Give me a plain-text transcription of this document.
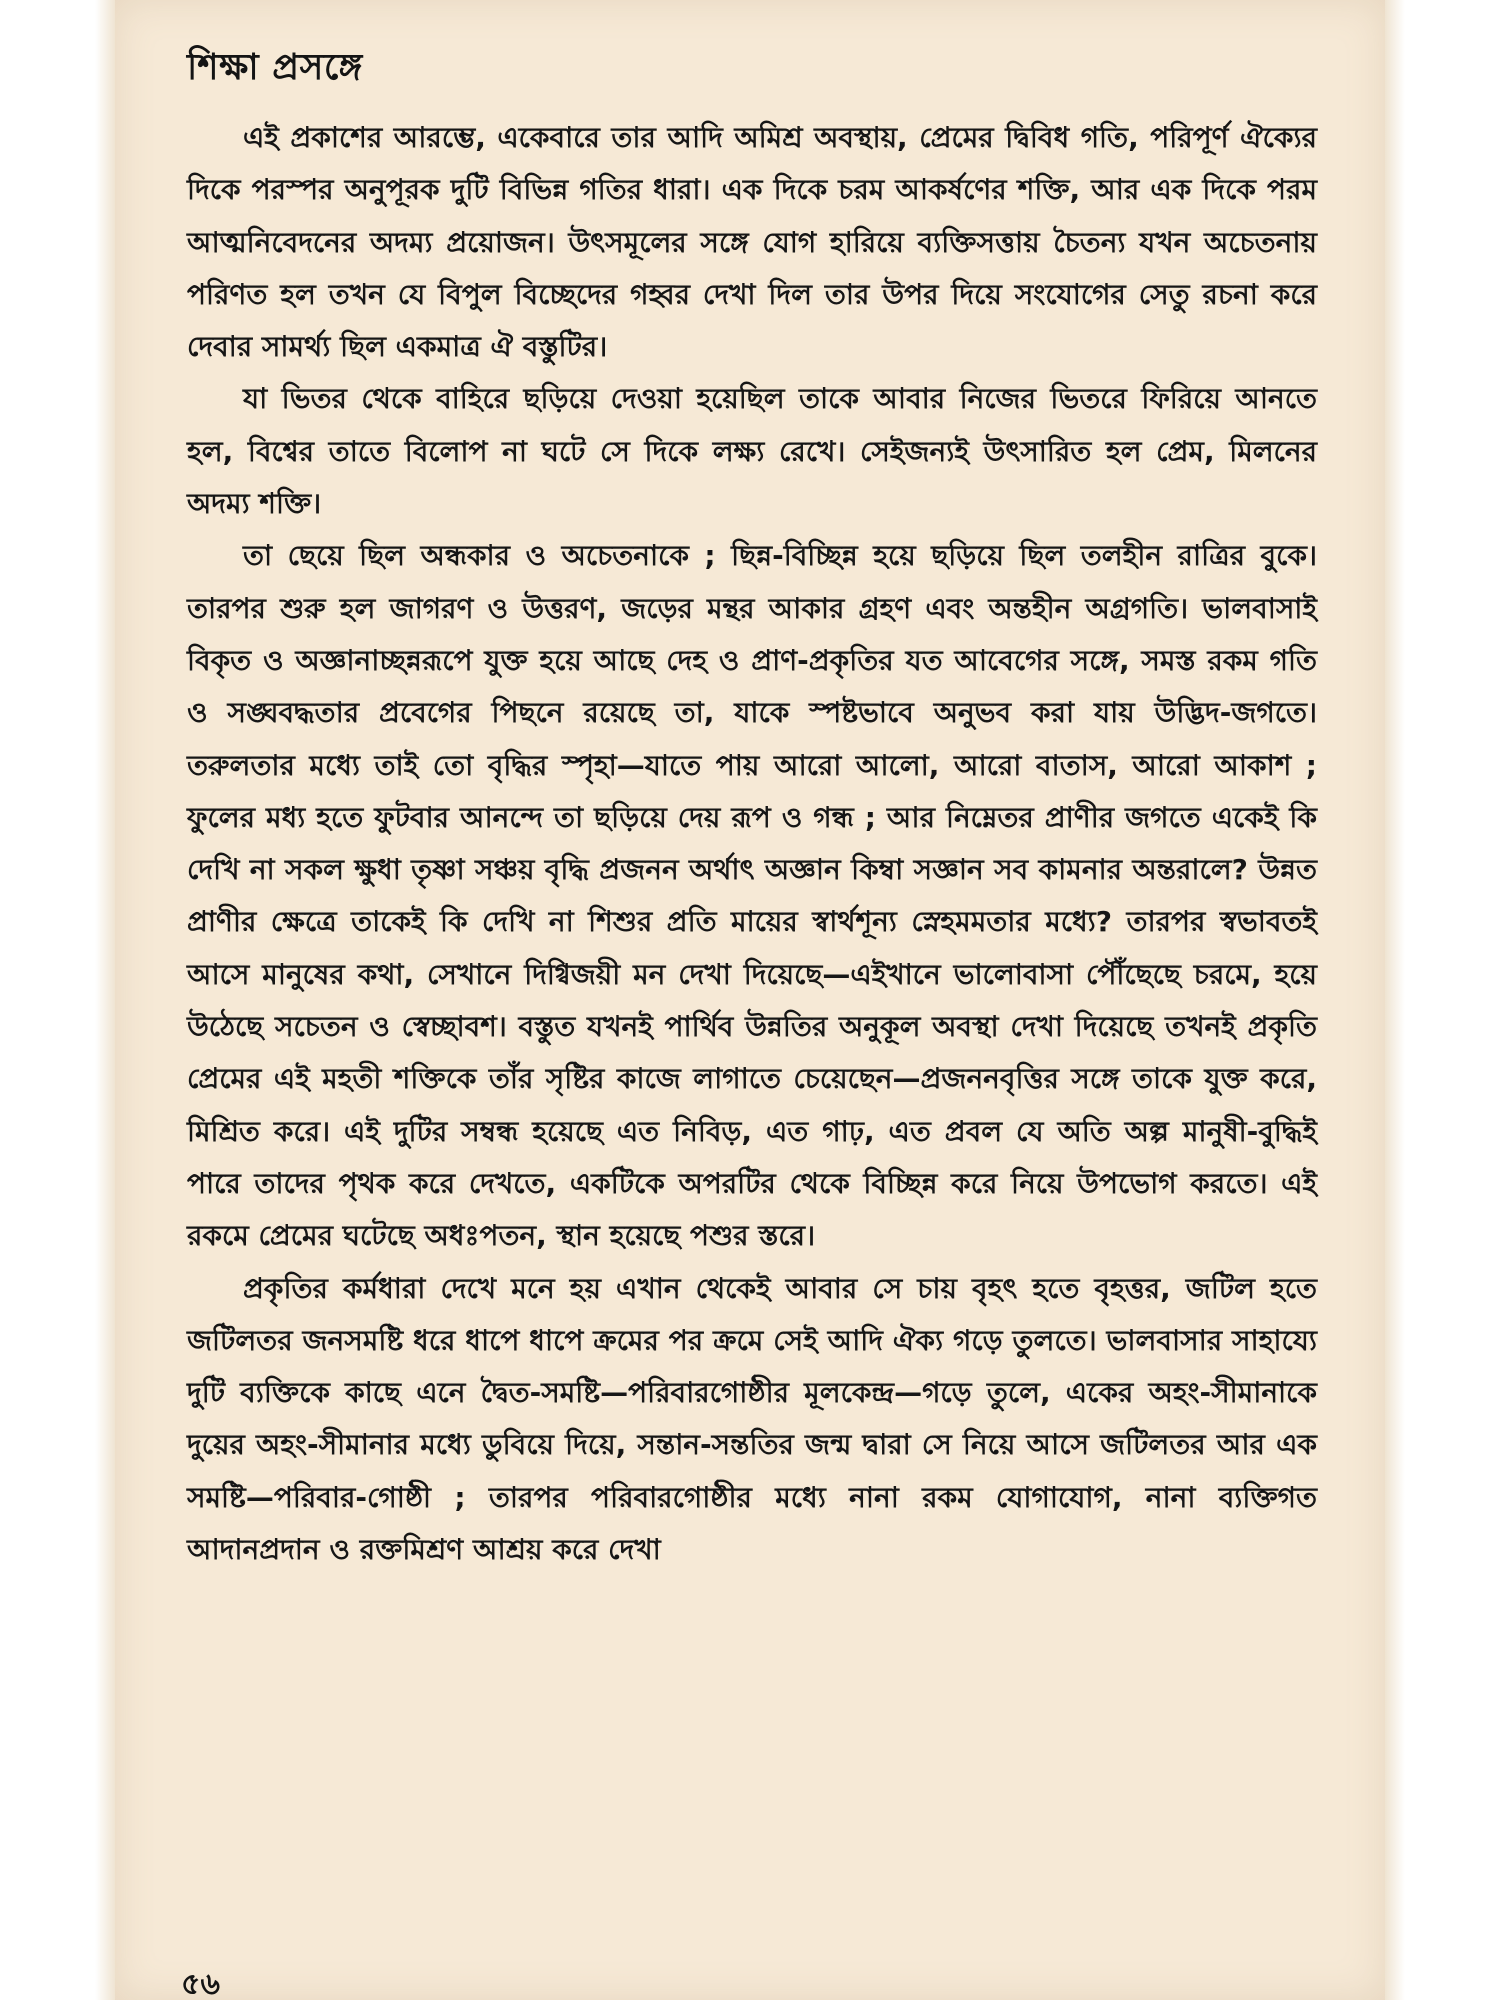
শিক্ষা প্রসঙ্গে

এই প্রকাশের আরম্ভে, একেবারে তার আদি অমিশ্র অবস্থায়, প্রেমের দ্বিবিধ গতি, পরিপূর্ণ ঐক্যের দিকে পরস্পর অনুপূরক দুটি বিভিন্ন গতির ধারা। এক দিকে চরম আকর্ষণের শক্তি, আর এক দিকে পরম আত্মনিবেদনের অদম্য প্রয়োজন। উৎসমূলের সঙ্গে যোগ হারিয়ে ব্যক্তিসত্তায় চৈতন্য যখন অচেতনায় পরিণত হল তখন যে বিপুল বিচ্ছেদের গহ্বর দেখা দিল তার উপর দিয়ে সংযোগের সেতু রচনা করে দেবার সামর্থ্য ছিল একমাত্র ঐ বস্তুটির।

যা ভিতর থেকে বাহিরে ছড়িয়ে দেওয়া হয়েছিল তাকে আবার নিজের ভিতরে ফিরিয়ে আনতে হল, বিশ্বের তাতে বিলোপ না ঘটে সে দিকে লক্ষ্য রেখে। সেইজন্যই উৎসারিত হল প্রেম, মিলনের অদম্য শক্তি।

তা ছেয়ে ছিল অন্ধকার ও অচেতনাকে ; ছিন্ন-বিচ্ছিন্ন হয়ে ছড়িয়ে ছিল তলহীন রাত্রির বুকে। তারপর শুরু হল জাগরণ ও উত্তরণ, জড়ের মন্থর আকার গ্রহণ এবং অন্তহীন অগ্রগতি। ভালবাসাই বিকৃত ও অজ্ঞানাচ্ছন্নরূপে যুক্ত হয়ে আছে দেহ ও প্রাণ-প্রকৃতির যত আবেগের সঙ্গে, সমস্ত রকম গতি ও সঙ্ঘবদ্ধতার প্রবেগের পিছনে রয়েছে তা, যাকে স্পষ্টভাবে অনুভব করা যায় উদ্ভিদ-জগতে। তরুলতার মধ্যে তাই তো বৃদ্ধির স্পৃহা—যাতে পায় আরো আলো, আরো বাতাস, আরো আকাশ ; ফুলের মধ্য হতে ফুটবার আনন্দে তা ছড়িয়ে দেয় রূপ ও গন্ধ ; আর নিম্নেতর প্রাণীর জগতে একেই কি দেখি না সকল ক্ষুধা তৃষ্ণা সঞ্চয় বৃদ্ধি প্রজনন অর্থাৎ অজ্ঞান কিম্বা সজ্ঞান সব কামনার অন্তরালে? উন্নত প্রাণীর ক্ষেত্রে তাকেই কি দেখি না শিশুর প্রতি মায়ের স্বার্থশূন্য স্নেহমমতার মধ্যে? তারপর স্বভাবতই আসে মানুষের কথা, সেখানে দিগ্বিজয়ী মন দেখা দিয়েছে—এইখানে ভালোবাসা পৌঁছেছে চরমে, হয়ে উঠেছে সচেতন ও স্বেচ্ছাবশ। বস্তুত যখনই পার্থিব উন্নতির অনুকূল অবস্থা দেখা দিয়েছে তখনই প্রকৃতি প্রেমের এই মহতী শক্তিকে তাঁর সৃষ্টির কাজে লাগাতে চেয়েছেন—প্রজননবৃত্তির সঙ্গে তাকে যুক্ত করে, মিশ্রিত করে। এই দুটির সম্বন্ধ হয়েছে এত নিবিড়, এত গাঢ়, এত প্রবল যে অতি অল্প মানুষী-বুদ্ধিই পারে তাদের পৃথক করে দেখতে, একটিকে অপরটির থেকে বিচ্ছিন্ন করে নিয়ে উপভোগ করতে। এই রকমে প্রেমের ঘটেছে অধঃপতন, স্থান হয়েছে পশুর স্তরে।

প্রকৃতির কর্মধারা দেখে মনে হয় এখান থেকেই আবার সে চায় বৃহৎ হতে বৃহত্তর, জটিল হতে জটিলতর জনসমষ্টি ধরে ধাপে ধাপে ক্রমের পর ক্রমে সেই আদি ঐক্য গড়ে তুলতে। ভালবাসার সাহায্যে দুটি ব্যক্তিকে কাছে এনে দ্বৈত-সমষ্টি—পরিবারগোষ্ঠীর মূলকেন্দ্র—গড়ে তুলে, একের অহং-সীমানাকে দুয়ের অহং-সীমানার মধ্যে ডুবিয়ে দিয়ে, সন্তান-সন্ততির জন্ম দ্বারা সে নিয়ে আসে জটিলতর আর এক সমষ্টি—পরিবার-গোষ্ঠী ; তারপর পরিবারগোষ্ঠীর মধ্যে নানা রকম যোগাযোগ, নানা ব্যক্তিগত আদানপ্রদান ও রক্তমিশ্রণ আশ্রয় করে দেখা

৫৬
